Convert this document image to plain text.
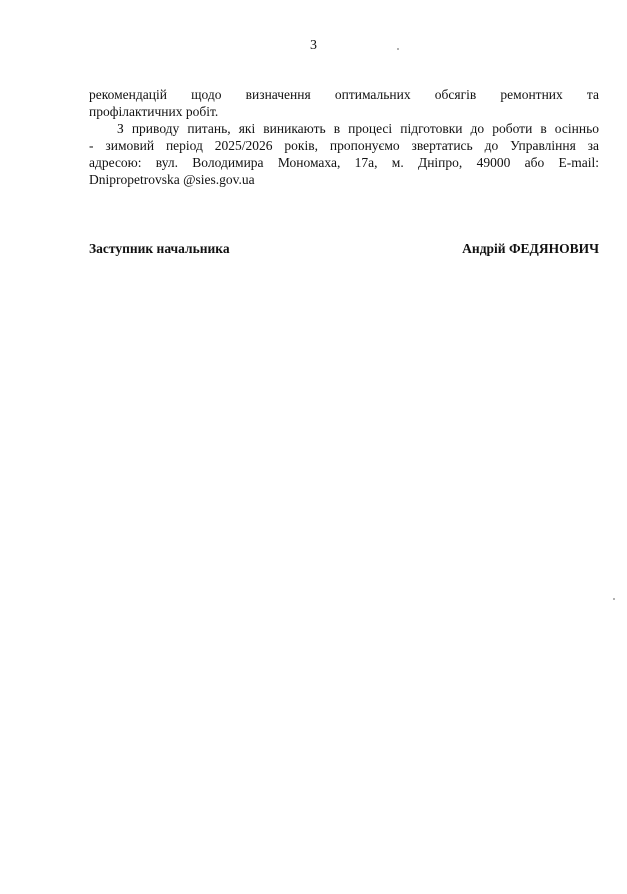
3

рекомендацій щодо визначення оптимальних обсягів ремонтних та
профілактичних робіт.

З приводу питань, які виникають в процесі підготовки до роботи в осінньо
- зимовий період 2025/2026 років, пропонуємо звертатись до Управління за
адресою: вул. Володимира Мономаха, 17а, м. Дніпро, 49000 або E-mail:
Dnipropetrovska @sies.gov.ua

Заступник начальника	Андрій ФЕДЯНОВИЧ
